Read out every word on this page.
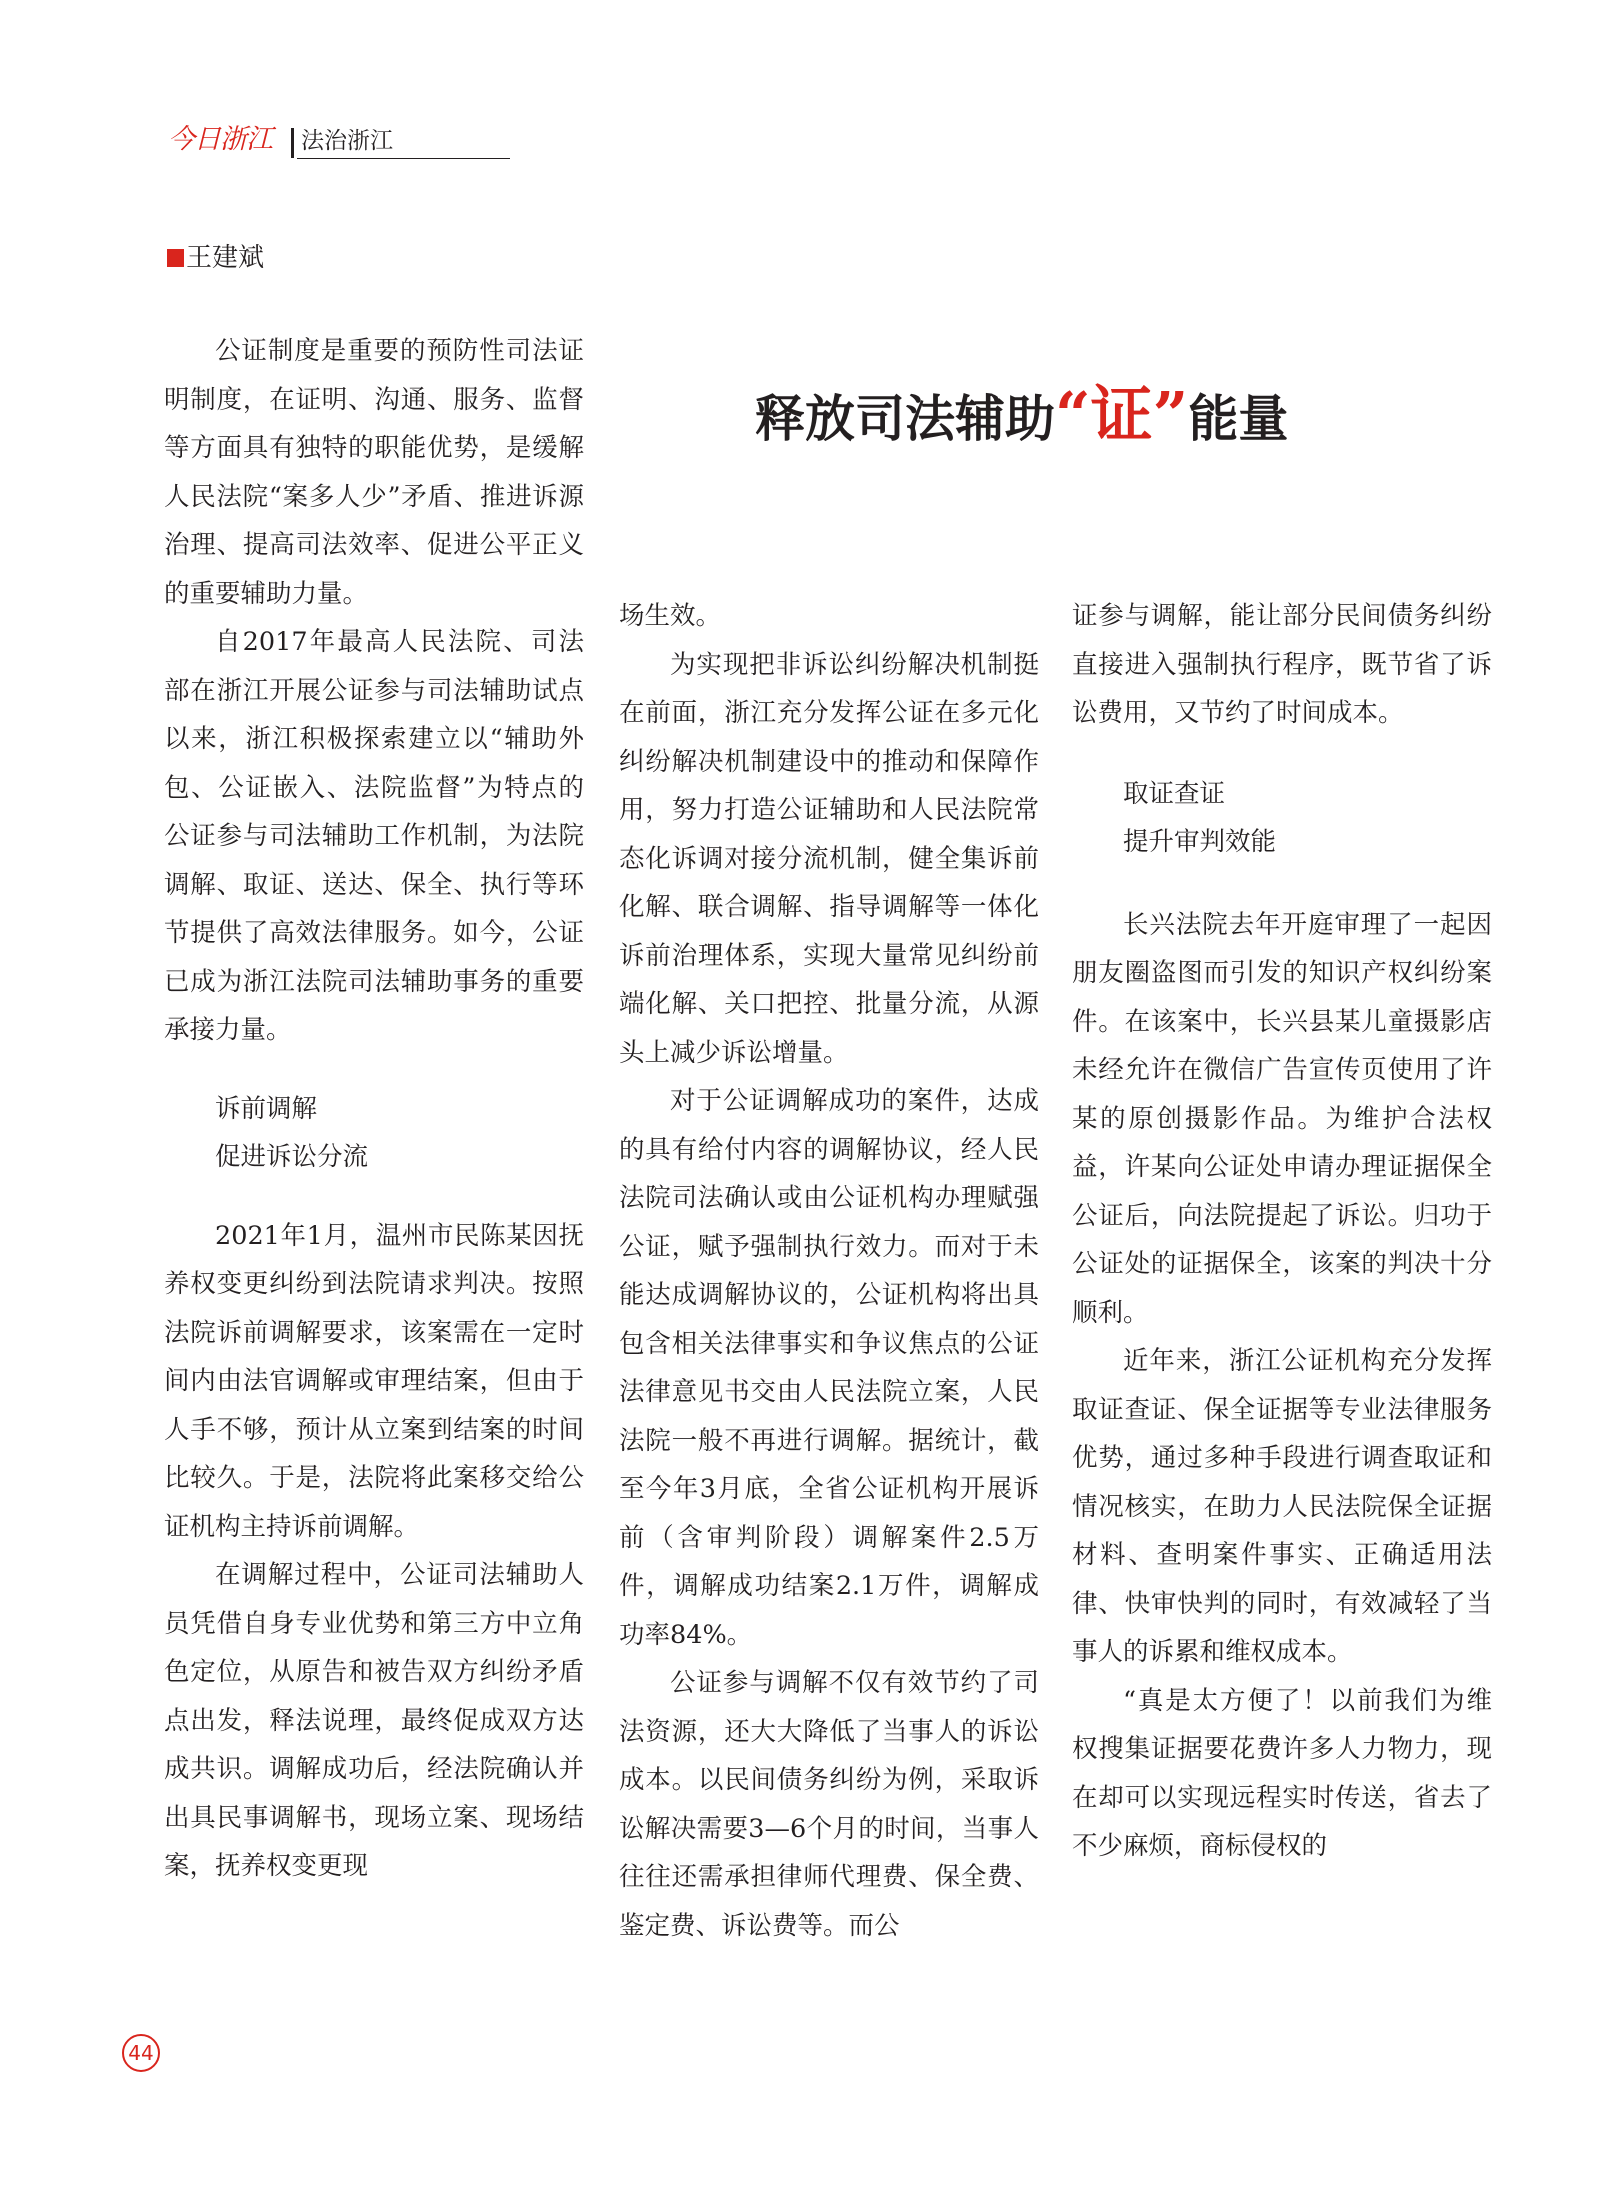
今日浙江	法治浙江
王建斌
释放司法辅助“证”能量

公证制度是重要的预防性司法证明制度，在证明、沟通、服务、监督等方面具有独特的职能优势，是缓解人民法院“案多人少”矛盾、推进诉源治理、提高司法效率、促进公平正义的重要辅助力量。

自2017年最高人民法院、司法部在浙江开展公证参与司法辅助试点以来，浙江积极探索建立以“辅助外包、公证嵌入、法院监督”为特点的公证参与司法辅助工作机制，为法院调解、取证、送达、保全、执行等环节提供了高效法律服务。如今，公证已成为浙江法院司法辅助事务的重要承接力量。

诉前调解

促进诉讼分流

2021年1月，温州市民陈某因抚养权变更纠纷到法院请求判决。按照法院诉前调解要求，该案需在一定时间内由法官调解或审理结案，但由于人手不够，预计从立案到结案的时间比较久。于是，法院将此案移交给公证机构主持诉前调解。

在调解过程中，公证司法辅助人员凭借自身专业优势和第三方中立角色定位，从原告和被告双方纠纷矛盾点出发，释法说理，最终促成双方达成共识。调解成功后，经法院确认并出具民事调解书，现场立案、现场结案，抚养权变更现

场生效。

为实现把非诉讼纠纷解决机制挺在前面，浙江充分发挥公证在多元化纠纷解决机制建设中的推动和保障作用，努力打造公证辅助和人民法院常态化诉调对接分流机制，健全集诉前化解、联合调解、指导调解等一体化诉前治理体系，实现大量常见纠纷前端化解、关口把控、批量分流，从源头上减少诉讼增量。

对于公证调解成功的案件，达成的具有给付内容的调解协议，经人民法院司法确认或由公证机构办理赋强公证，赋予强制执行效力。而对于未能达成调解协议的，公证机构将出具包含相关法律事实和争议焦点的公证法律意见书交由人民法院立案，人民法院一般不再进行调解。据统计，截至今年3月底，全省公证机构开展诉前（含审判阶段）调解案件2.5万件，调解成功结案2.1万件，调解成功率84%。

公证参与调解不仅有效节约了司法资源，还大大降低了当事人的诉讼成本。以民间债务纠纷为例，采取诉讼解决需要3—6个月的时间，当事人往往还需承担律师代理费、保全费、鉴定费、诉讼费等。而公

证参与调解，能让部分民间债务纠纷直接进入强制执行程序，既节省了诉讼费用，又节约了时间成本。

取证查证

提升审判效能

长兴法院去年开庭审理了一起因朋友圈盗图而引发的知识产权纠纷案件。在该案中，长兴县某儿童摄影店未经允许在微信广告宣传页使用了许某的原创摄影作品。为维护合法权益，许某向公证处申请办理证据保全公证后，向法院提起了诉讼。归功于公证处的证据保全，该案的判决十分顺利。

近年来，浙江公证机构充分发挥取证查证、保全证据等专业法律服务优势，通过多种手段进行调查取证和情况核实，在助力人民法院保全证据材料、查明案件事实、正确适用法律、快审快判的同时，有效减轻了当事人的诉累和维权成本。

“真是太方便了！以前我们为维权搜集证据要花费许多人力物力，现在却可以实现远程实时传送，省去了不少麻烦，商标侵权的

44
